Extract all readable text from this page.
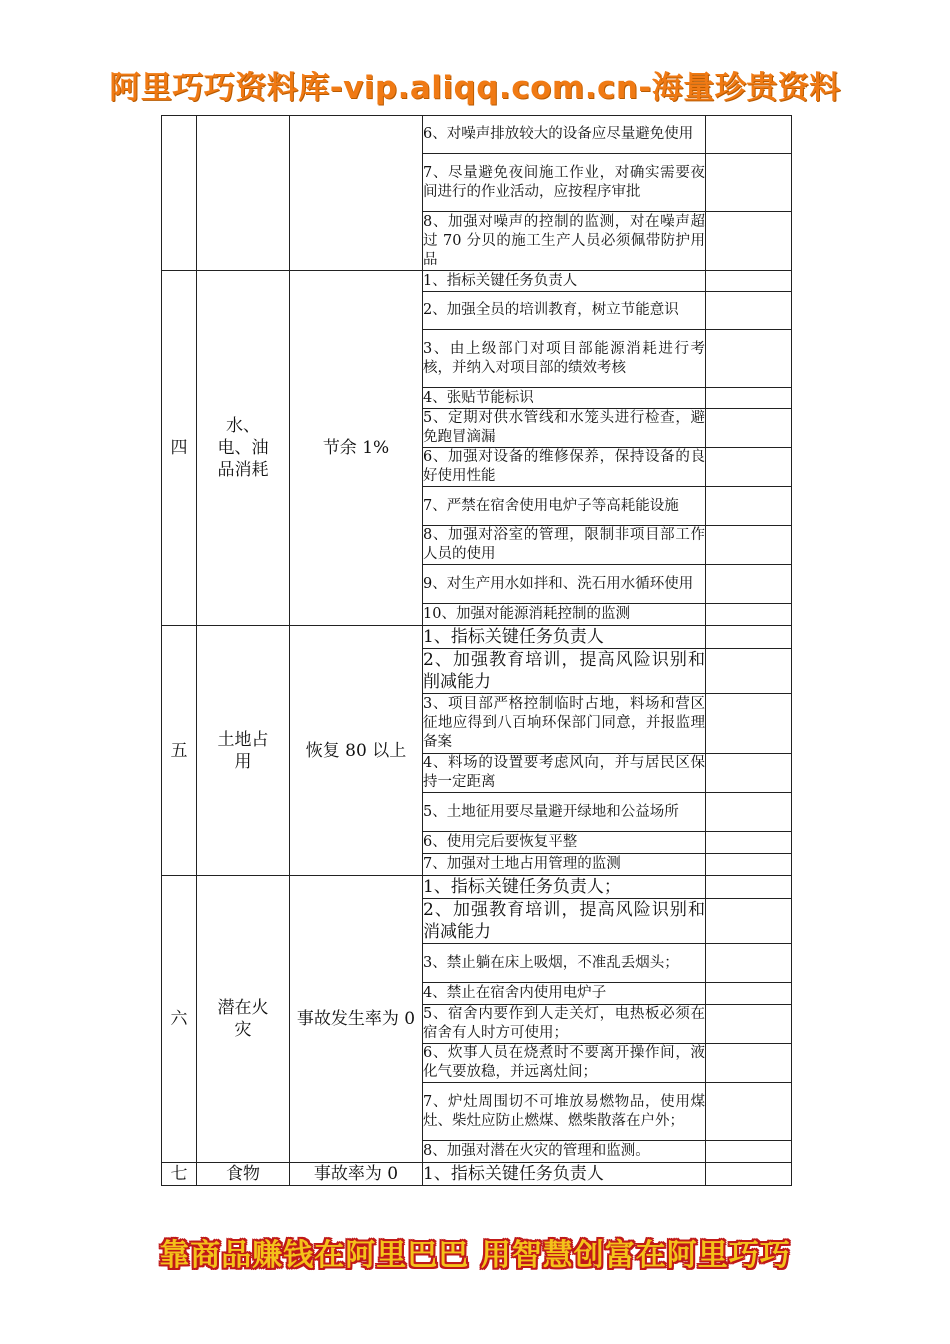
阿里巧巧资料库-vip.aliqq.com.cn-海量珍贵资料
			6、对噪声排放较大的设备应尽量避免使用	
			7、尽量避免夜间施工作业，对确实需要夜间进行的作业活动，应按程序审批	
			8、加强对噪声的控制的监测，对在噪声超过 70 分贝的施工生产人员必须佩带防护用品	
四	水、电、油品消耗	节余 1%	1、指标关键任务负责人	
			2、加强全员的培训教育，树立节能意识	
			3、由上级部门对项目部能源消耗进行考核，并纳入对项目部的绩效考核	
			4、张贴节能标识	
			5、定期对供水管线和水笼头进行检查，避免跑冒滴漏	
			6、加强对设备的维修保养，保持设备的良好使用性能	
			7、严禁在宿舍使用电炉子等高耗能设施	
			8、加强对浴室的管理，限制非项目部工作人员的使用	
			9、对生产用水如拌和、洗石用水循环使用	
			10、加强对能源消耗控制的监测	
五	土地占用	恢复 80 以上	1、指标关键任务负责人	
			2、加强教育培训，提高风险识别和削减能力	
			3、项目部严格控制临时占地，料场和营区征地应得到八百垧环保部门同意，并报监理备案	
			4、料场的设置要考虑风向，并与居民区保持一定距离	
			5、土地征用要尽量避开绿地和公益场所	
			6、使用完后要恢复平整	
			7、加强对土地占用管理的监测	
六	潜在火灾	事故发生率为 0	1、指标关键任务负责人；	
			2、加强教育培训，提高风险识别和消减能力	
			3、禁止躺在床上吸烟，不准乱丢烟头；	
			4、禁止在宿舍内使用电炉子	
			5、宿舍内要作到人走关灯，电热板必须在宿舍有人时方可使用；	
			6、炊事人员在烧煮时不要离开操作间，液化气要放稳，并远离灶间；	
			7、炉灶周围切不可堆放易燃物品，使用煤灶、柴灶应防止燃煤、燃柴散落在户外；	
			8、加强对潜在火灾的管理和监测。	
七	食物	事故率为 0	1、指标关键任务负责人	
靠商品赚钱在阿里巴巴 用智慧创富在阿里巧巧
